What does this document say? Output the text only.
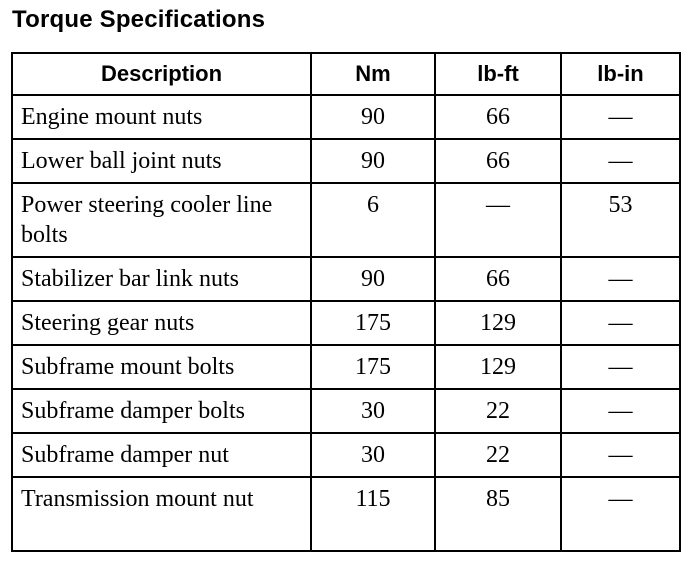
Torque Specifications
Description	Nm	lb-ft	lb-in
Engine mount nuts	90	66	—
Lower ball joint nuts	90	66	—
Power steering cooler line bolts	6	—	53
Stabilizer bar link nuts	90	66	—
Steering gear nuts	175	129	—
Subframe mount bolts	175	129	—
Subframe damper bolts	30	22	—
Subframe damper nut	30	22	—
Transmission mount nut	115	85	—
